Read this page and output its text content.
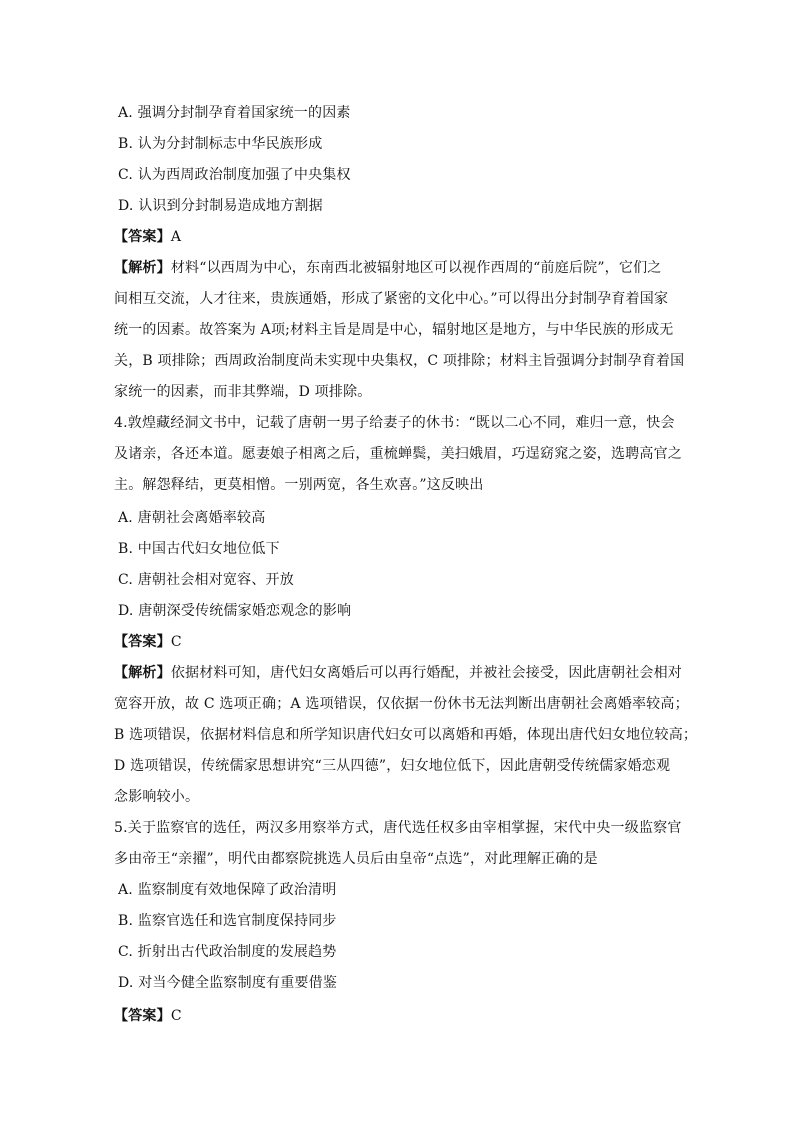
A. 强调分封制孕育着国家统一的因素
B. 认为分封制标志中华民族形成
C. 认为西周政治制度加强了中央集权
D. 认识到分封制易造成地方割据
【答案】A
【解析】材料“以西周为中心，东南西北被辐射地区可以视作西周的“前庭后院”，它们之
间相互交流，人才往来，贵族通婚，形成了紧密的文化中心。”可以得出分封制孕育着国家
统一的因素。故答案为 A项;材料主旨是周是中心，辐射地区是地方，与中华民族的形成无
关，B 项排除；西周政治制度尚未实现中央集权，C 项排除；材料主旨强调分封制孕育着国
家统一的因素，而非其弊端，D 项排除。
4.敦煌藏经洞文书中，记载了唐朝一男子给妻子的休书：“既以二心不同，难归一意，快会
及诸亲，各还本道。愿妻娘子相离之后，重梳蝉鬓，美扫娥眉，巧逞窈窕之姿，选聘高官之
主。解怨释结，更莫相憎。一别两宽，各生欢喜。”这反映出
A. 唐朝社会离婚率较高
B. 中国古代妇女地位低下
C. 唐朝社会相对宽容、开放
D. 唐朝深受传统儒家婚恋观念的影响
【答案】C
【解析】依据材料可知，唐代妇女离婚后可以再行婚配，并被社会接受，因此唐朝社会相对
宽容开放，故 C 选项正确；A 选项错误，仅依据一份休书无法判断出唐朝社会离婚率较高；
B 选项错误，依据材料信息和所学知识唐代妇女可以离婚和再婚，体现出唐代妇女地位较高；
D 选项错误，传统儒家思想讲究“三从四德”，妇女地位低下，因此唐朝受传统儒家婚恋观
念影响较小。
5.关于监察官的选任，两汉多用察举方式，唐代选任权多由宰相掌握，宋代中央一级监察官
多由帝王“亲擢”，明代由都察院挑选人员后由皇帝“点选”，对此理解正确的是
A. 监察制度有效地保障了政治清明
B. 监察官选任和选官制度保持同步
C. 折射出古代政治制度的发展趋势
D. 对当今健全监察制度有重要借鉴
【答案】C
